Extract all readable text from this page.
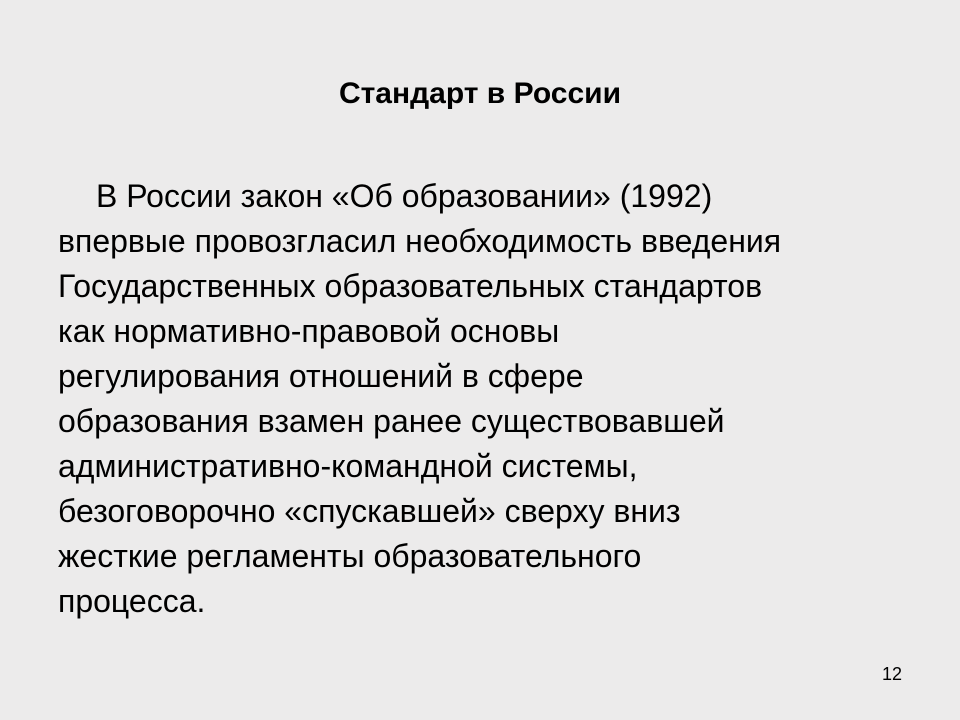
Стандарт в России
В России закон «Об образовании» (1992)
впервые провозгласил необходимость введения
Государственных образовательных стандартов
как нормативно-правовой основы
регулирования отношений в сфере
образования взамен ранее существовавшей
административно-командной системы,
безоговорочно «спускавшей» сверху вниз
жесткие регламенты образовательного
процесса.
12
